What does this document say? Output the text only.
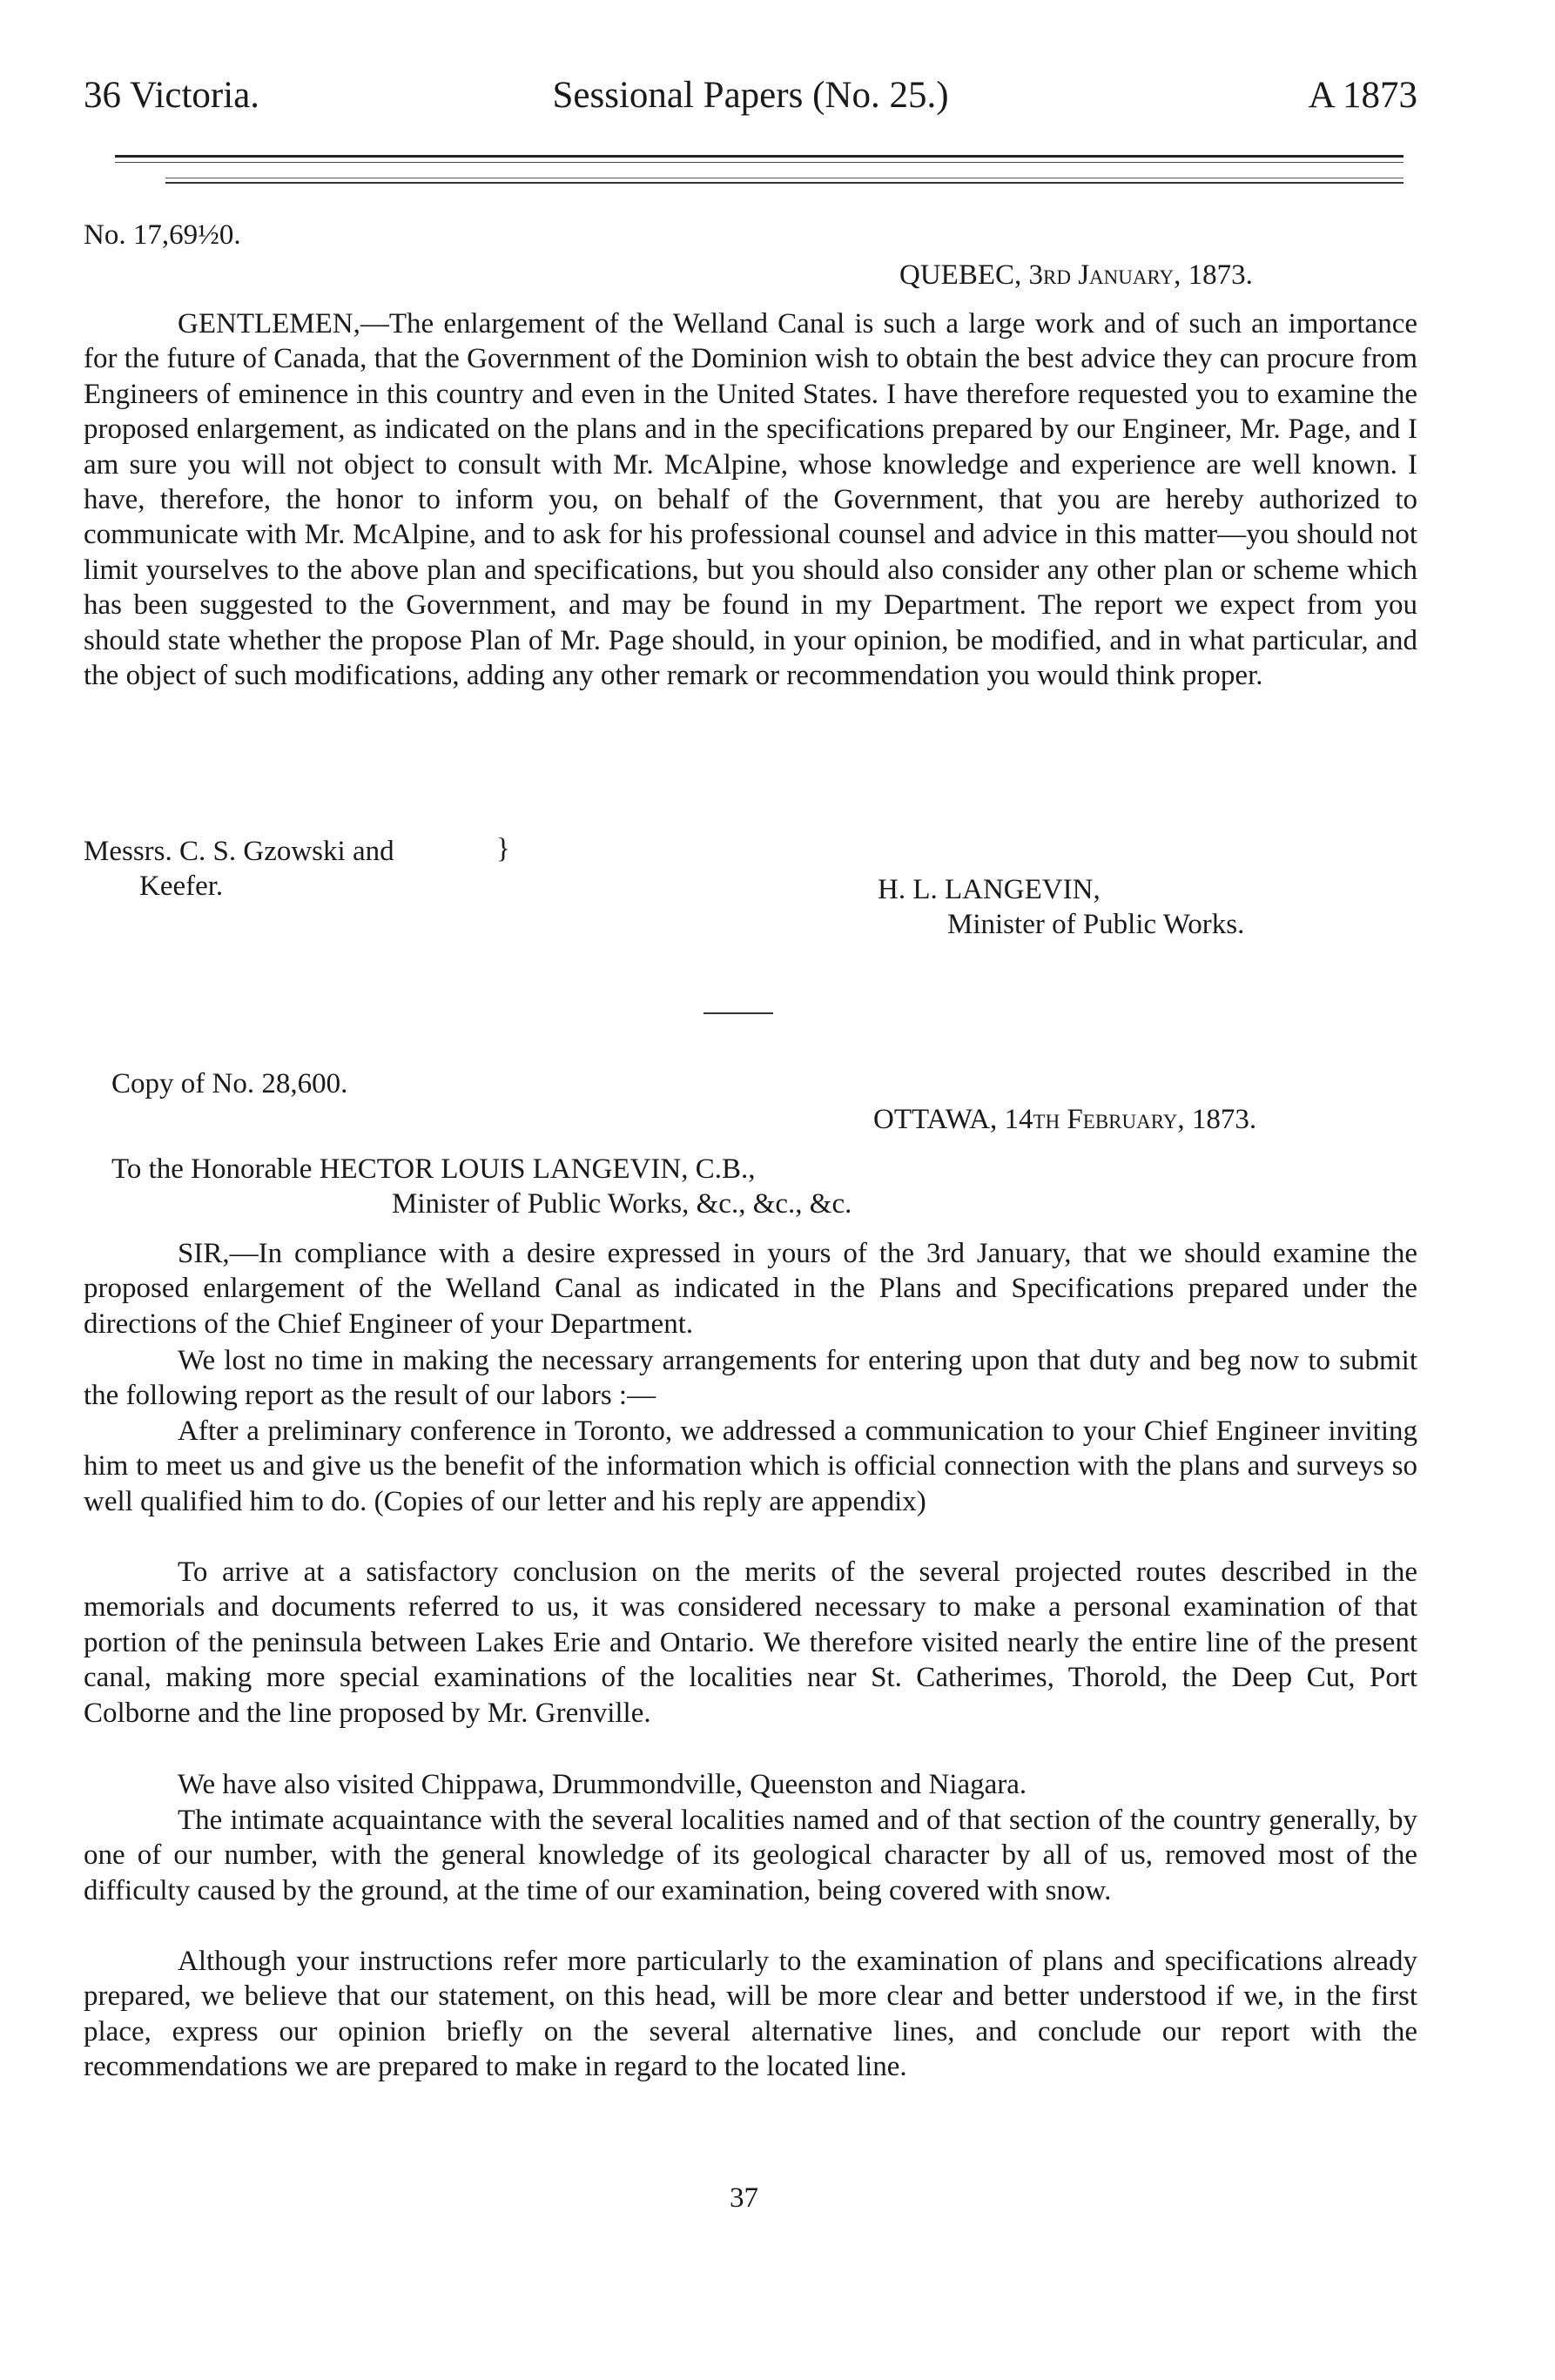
36 Victoria.	Sessional Papers (No. 25.)	A 1873
No. 17,69½0.
QUEBEC, 3rd January, 1873.
GENTLEMEN,—The enlargement of the Welland Canal is such a large work and of such an importance for the future of Canada, that the Government of the Dominion wish to obtain the best advice they can procure from Engineers of eminence in this country and even in the United States. I have therefore requested you to examine the proposed enlargement, as indicated on the plans and in the specifications prepared by our Engineer, Mr. Page, and I am sure you will not object to consult with Mr. McAlpine, whose knowledge and experience are well known. I have, therefore, the honor to inform you, on behalf of the Government, that you are hereby authorized to communicate with Mr. McAlpine, and to ask for his professional counsel and advice in this matter—you should not limit yourselves to the above plan and specifications, but you should also consider any other plan or scheme which has been suggested to the Government, and may be found in my Department. The report we expect from you should state whether the propose Plan of Mr. Page should, in your opinion, be modified, and in what particular, and the object of such modifications, adding any other remark or recommendation you would think proper.
Messrs. C. S. Gzowski and
Keefer.
}
H. L. LANGEVIN,
Minister of Public Works.
Copy of No. 28,600.
OTTAWA, 14th February, 1873.
To the Honorable HECTOR LOUIS LANGEVIN, C.B.,
Minister of Public Works, &c., &c., &c.
SIR,—In compliance with a desire expressed in yours of the 3rd January, that we should examine the proposed enlargement of the Welland Canal as indicated in the Plans and Specifications prepared under the directions of the Chief Engineer of your Department.
We lost no time in making the necessary arrangements for entering upon that duty and beg now to submit the following report as the result of our labors :—
After a preliminary conference in Toronto, we addressed a communication to your Chief Engineer inviting him to meet us and give us the benefit of the information which is official connection with the plans and surveys so well qualified him to do. (Copies of our letter and his reply are appendix)
To arrive at a satisfactory conclusion on the merits of the several projected routes described in the memorials and documents referred to us, it was considered necessary to make a personal examination of that portion of the peninsula between Lakes Erie and Ontario. We therefore visited nearly the entire line of the present canal, making more special examinations of the localities near St. Catherimes, Thorold, the Deep Cut, Port Colborne and the line proposed by Mr. Grenville.
We have also visited Chippawa, Drummondville, Queenston and Niagara.
The intimate acquaintance with the several localities named and of that section of the country generally, by one of our number, with the general knowledge of its geological character by all of us, removed most of the difficulty caused by the ground, at the time of our examination, being covered with snow.
Although your instructions refer more particularly to the examination of plans and specifications already prepared, we believe that our statement, on this head, will be more clear and better understood if we, in the first place, express our opinion briefly on the several alternative lines, and conclude our report with the recommendations we are prepared to make in regard to the located line.
37
